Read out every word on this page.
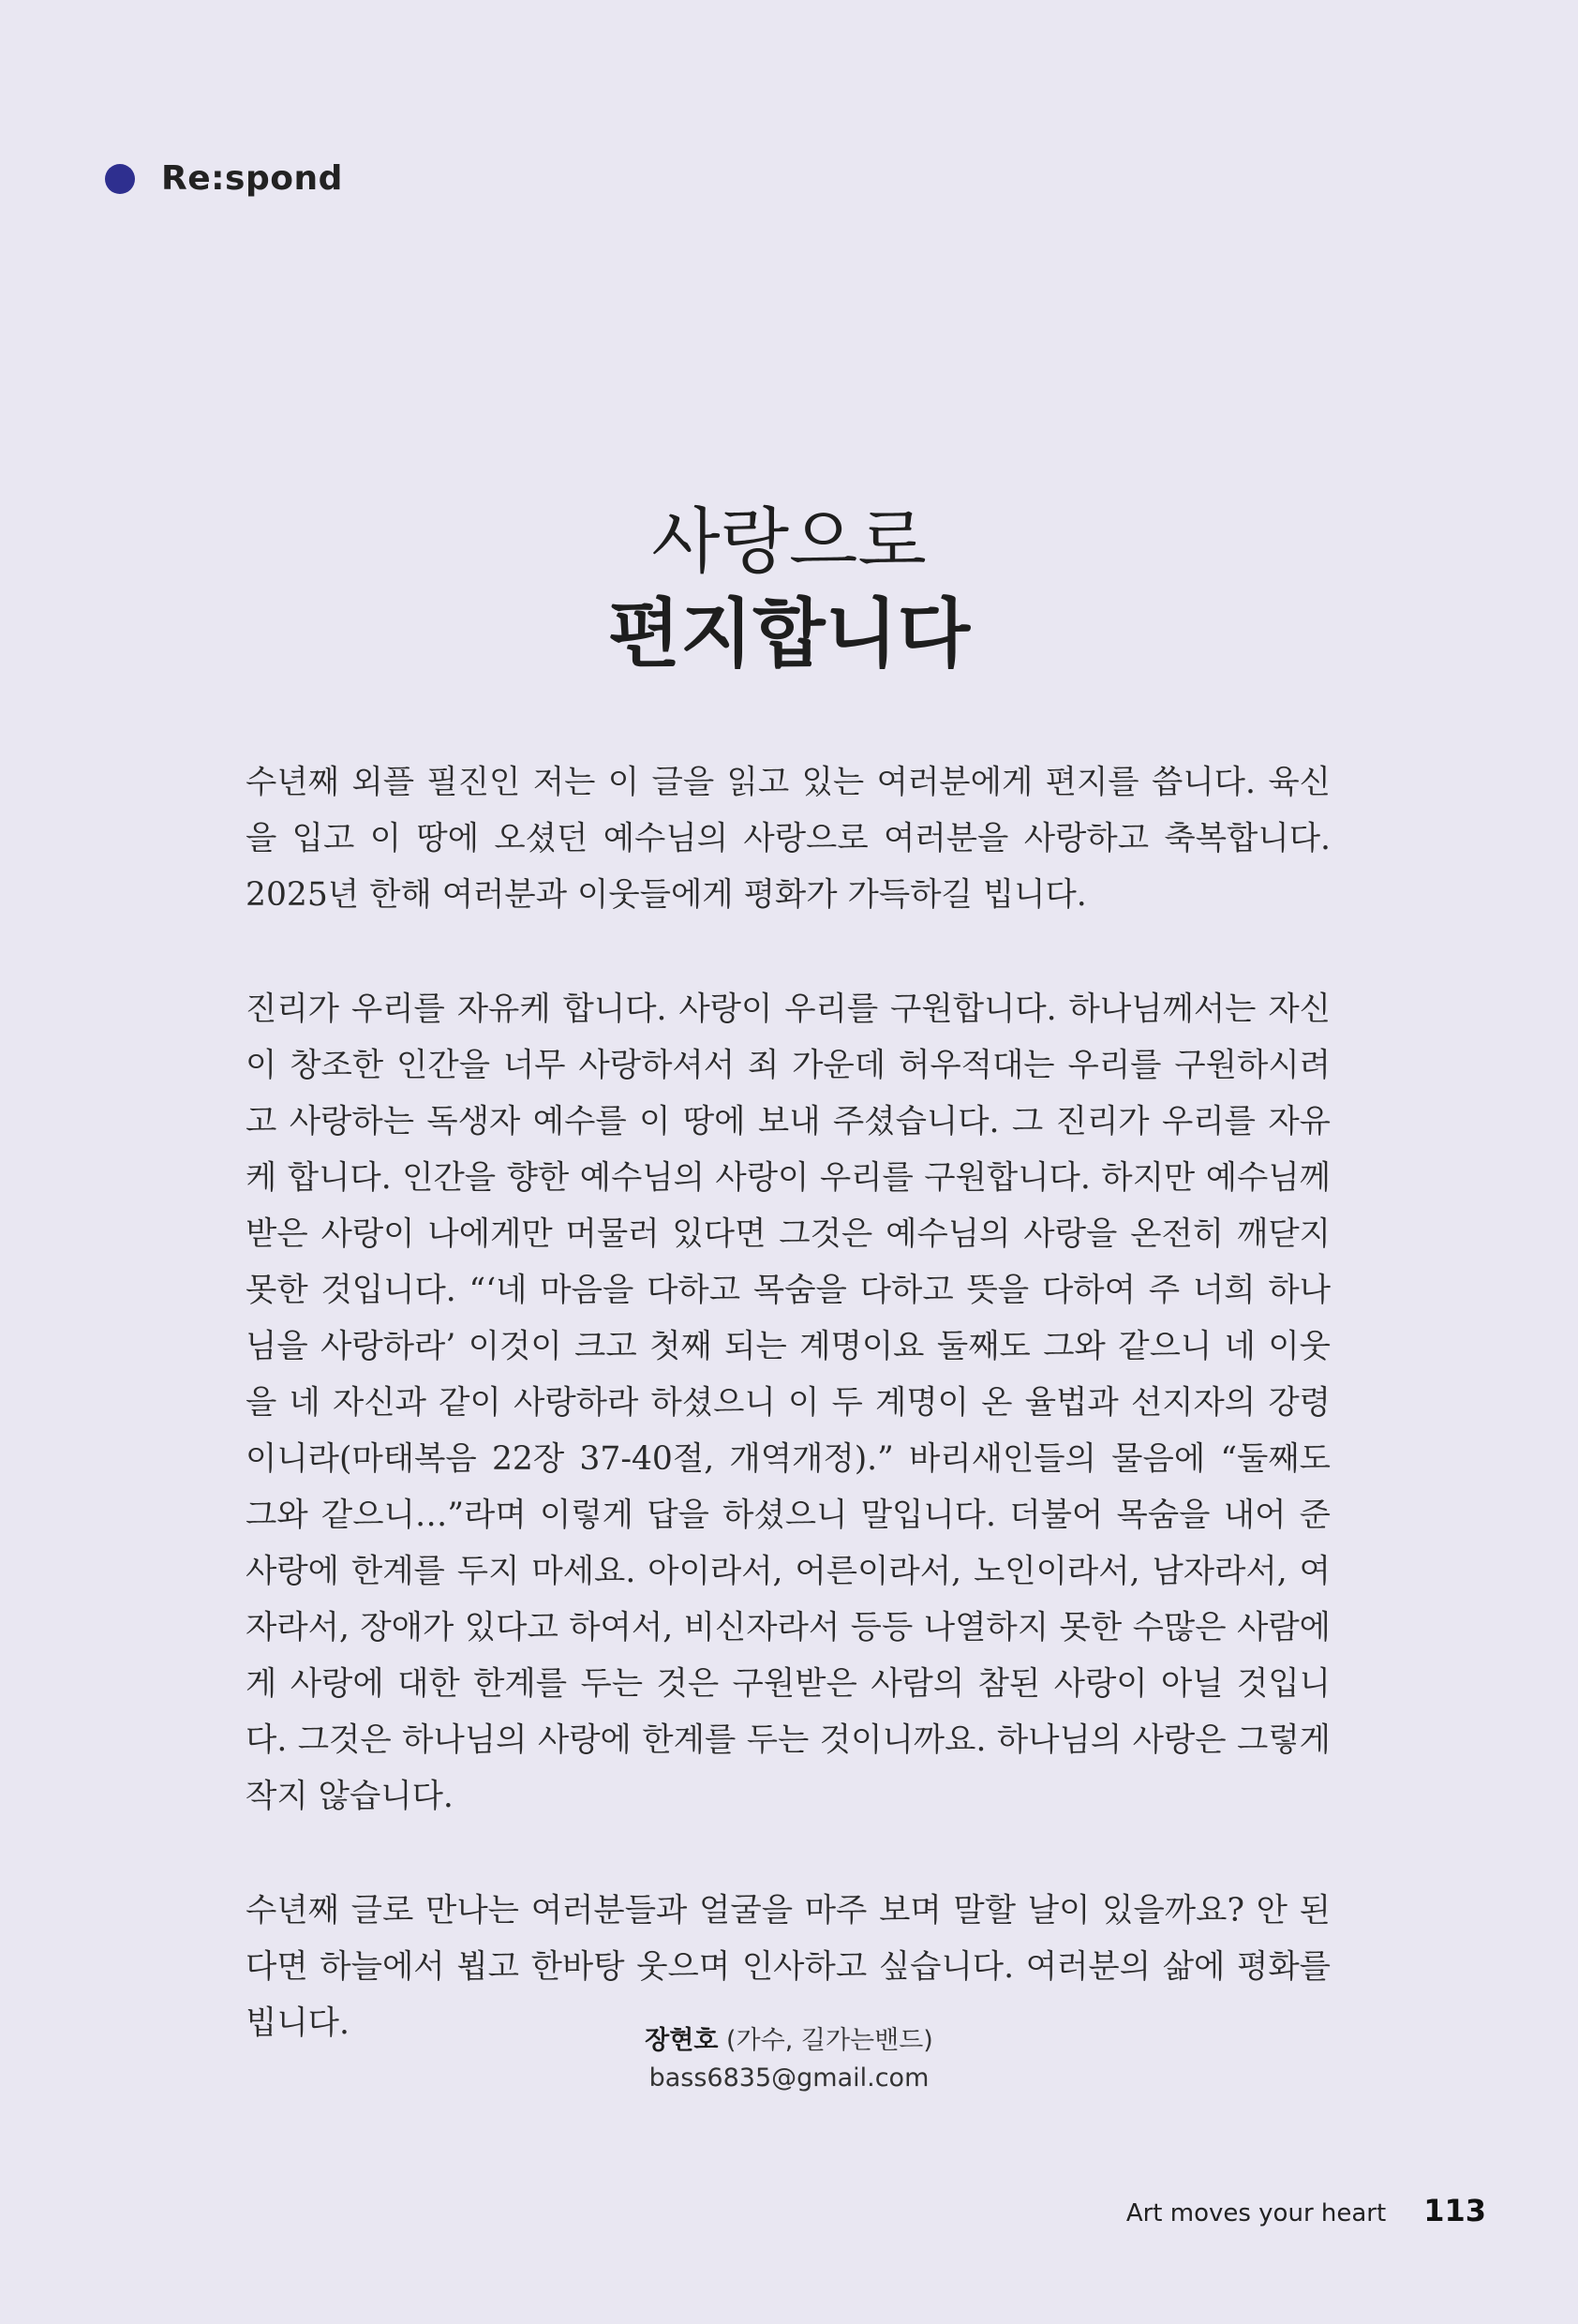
Re:spond
사랑으로
편지합니다

수년째 외플 필진인 저는 이 글을 읽고 있는 여러분에게 편지를 씁니다. 육신을 입고 이 땅에 오셨던 예수님의 사랑으로 여러분을 사랑하고 축복합니다. 2025년 한해 여러분과 이웃들에게 평화가 가득하길 빕니다.

진리가 우리를 자유케 합니다. 사랑이 우리를 구원합니다. 하나님께서는 자신이 창조한 인간을 너무 사랑하셔서 죄 가운데 허우적대는 우리를 구원하시려고 사랑하는 독생자 예수를 이 땅에 보내 주셨습니다. 그 진리가 우리를 자유케 합니다. 인간을 향한 예수님의 사랑이 우리를 구원합니다. 하지만 예수님께 받은 사랑이 나에게만 머물러 있다면 그것은 예수님의 사랑을 온전히 깨닫지 못한 것입니다. “‘네 마음을 다하고 목숨을 다하고 뜻을 다하여 주 너희 하나님을 사랑하라’ 이것이 크고 첫째 되는 계명이요 둘째도 그와 같으니 네 이웃을 네 자신과 같이 사랑하라 하셨으니 이 두 계명이 온 율법과 선지자의 강령이니라(마태복음 22장 37-40절, 개역개정).” 바리새인들의 물음에 “둘째도 그와 같으니…”라며 이렇게 답을 하셨으니 말입니다. 더불어 목숨을 내어 준 사랑에 한계를 두지 마세요. 아이라서, 어른이라서, 노인이라서, 남자라서, 여자라서, 장애가 있다고 하여서, 비신자라서 등등 나열하지 못한 수많은 사람에게 사랑에 대한 한계를 두는 것은 구원받은 사람의 참된 사랑이 아닐 것입니다. 그것은 하나님의 사랑에 한계를 두는 것이니까요. 하나님의 사랑은 그렇게 작지 않습니다.

수년째 글로 만나는 여러분들과 얼굴을 마주 보며 말할 날이 있을까요? 안 된다면 하늘에서 뵙고 한바탕 웃으며 인사하고 싶습니다. 여러분의 삶에 평화를 빕니다.	장현호 (가수, 길가는밴드)
bass6835@gmail.com
Art moves your heart 113
